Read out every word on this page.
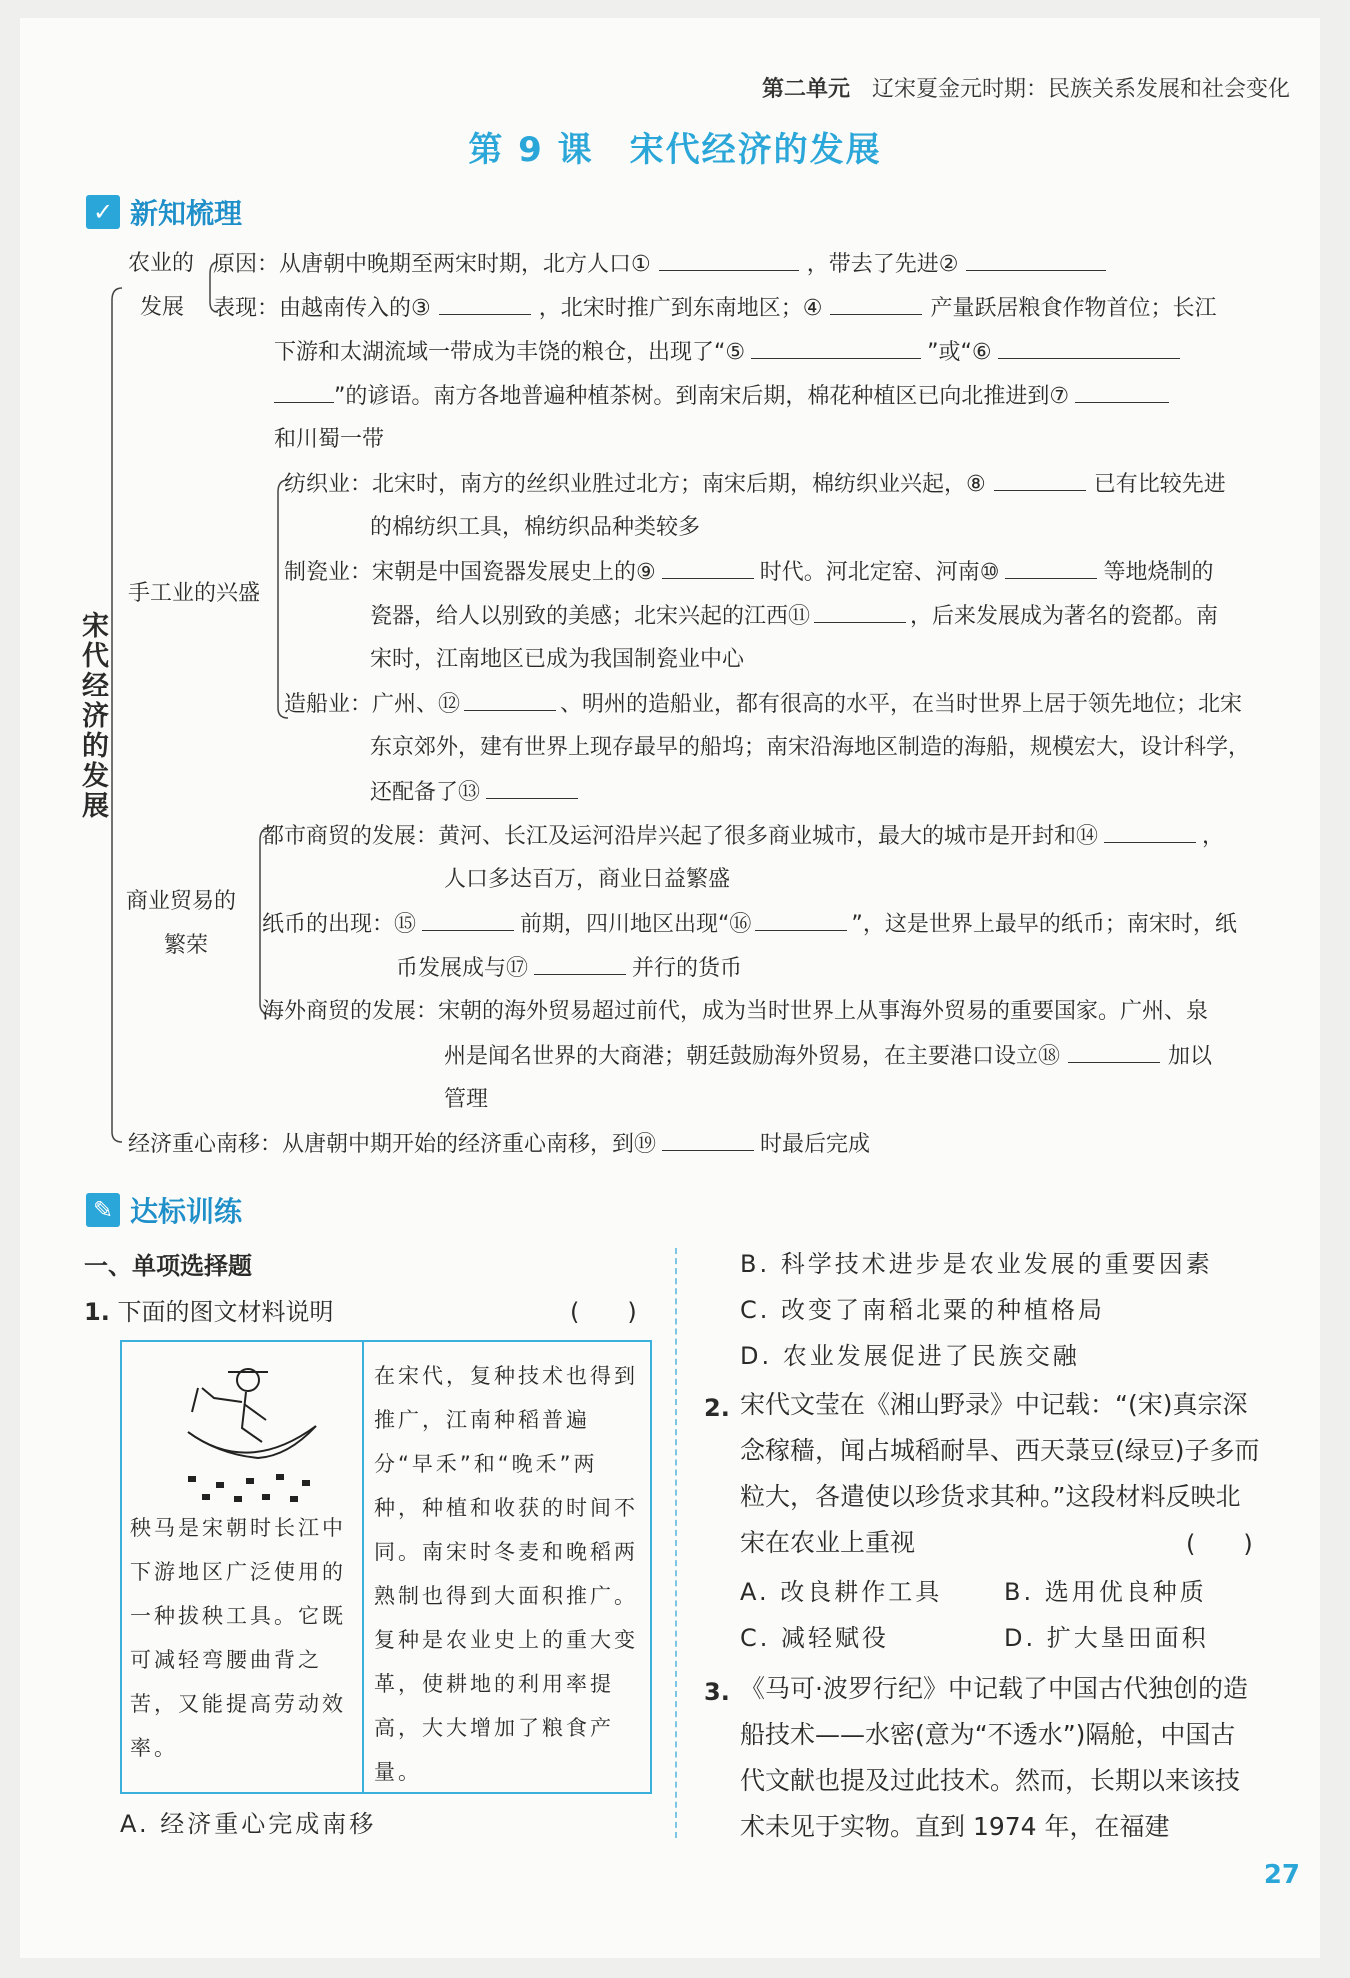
第二单元 辽宋夏金元时期：民族关系发展和社会变化
第 9 课　宋代经济的发展
✓ 新知梳理
宋代经济的发展
农业的
发展
原因：从唐朝中晚期至两宋时期，北方人口①	，带去了先进②
表现：由越南传入的③	，北宋时推广到东南地区；④	产量跃居粮食作物首位；长江
下游和太湖流域一带成为丰饶的粮仓，出现了“⑤	”或“⑥
”的谚语。南方各地普遍种植茶树。到南宋后期，棉花种植区已向北推进到⑦
和川蜀一带
纺织业：北宋时，南方的丝织业胜过北方；南宋后期，棉纺织业兴起，⑧	已有比较先进
的棉纺织工具，棉纺织品种类较多
手工业的兴盛
制瓷业：宋朝是中国瓷器发展史上的⑨	时代。河北定窑、河南⑩	等地烧制的
瓷器，给人以别致的美感；北宋兴起的江西⑪	，后来发展成为著名的瓷都。南
宋时，江南地区已成为我国制瓷业中心
造船业：广州、⑫	、明州的造船业，都有很高的水平，在当时世界上居于领先地位；北宋
东京郊外，建有世界上现存最早的船坞；南宋沿海地区制造的海船，规模宏大，设计科学，
还配备了⑬
都市商贸的发展：黄河、长江及运河沿岸兴起了很多商业城市，最大的城市是开封和⑭	，
人口多达百万，商业日益繁盛
商业贸易的
繁荣
纸币的出现：⑮	前期，四川地区出现“⑯	”，这是世界上最早的纸币；南宋时，纸
币发展成与⑰	并行的货币
海外商贸的发展：宋朝的海外贸易超过前代，成为当时世界上从事海外贸易的重要国家。广州、泉
州是闻名世界的大商港；朝廷鼓励海外贸易，在主要港口设立⑱	加以
管理
经济重心南移：从唐朝中期开始的经济重心南移，到⑲	时最后完成
✎ 达标训练
一、单项选择题
1. 下面的图文材料说明	(　　)
秧马是宋朝时长江中下游地区广泛使用的一种拔秧工具。它既可减轻弯腰曲背之苦，又能提高劳动效率。
在宋代，复种技术也得到推广，江南种稻普遍分“早禾”和“晚禾”两种，种植和收获的时间不同。南宋时冬麦和晚稻两熟制也得到大面积推广。复种是农业史上的重大变革，使耕地的利用率提高，大大增加了粮食产量。
A. 经济重心完成南移
B. 科学技术进步是农业发展的重要因素
C. 改变了南稻北粟的种植格局
D. 农业发展促进了民族交融
2. 宋代文莹在《湘山野录》中记载：“(宋)真宗深念稼穑，闻占城稻耐旱、西天菉豆(绿豆)子多而粒大，各遣使以珍货求其种。”这段材料反映北宋在农业上重视	(　　)
A. 改良耕作工具	B. 选用优良种质
C. 减轻赋役	D. 扩大垦田面积
3. 《马可·波罗行纪》中记载了中国古代独创的造船技术——水密(意为“不透水”)隔舱，中国古代文献也提及过此技术。然而，长期以来该技术未见于实物。直到 1974 年，在福建
27
